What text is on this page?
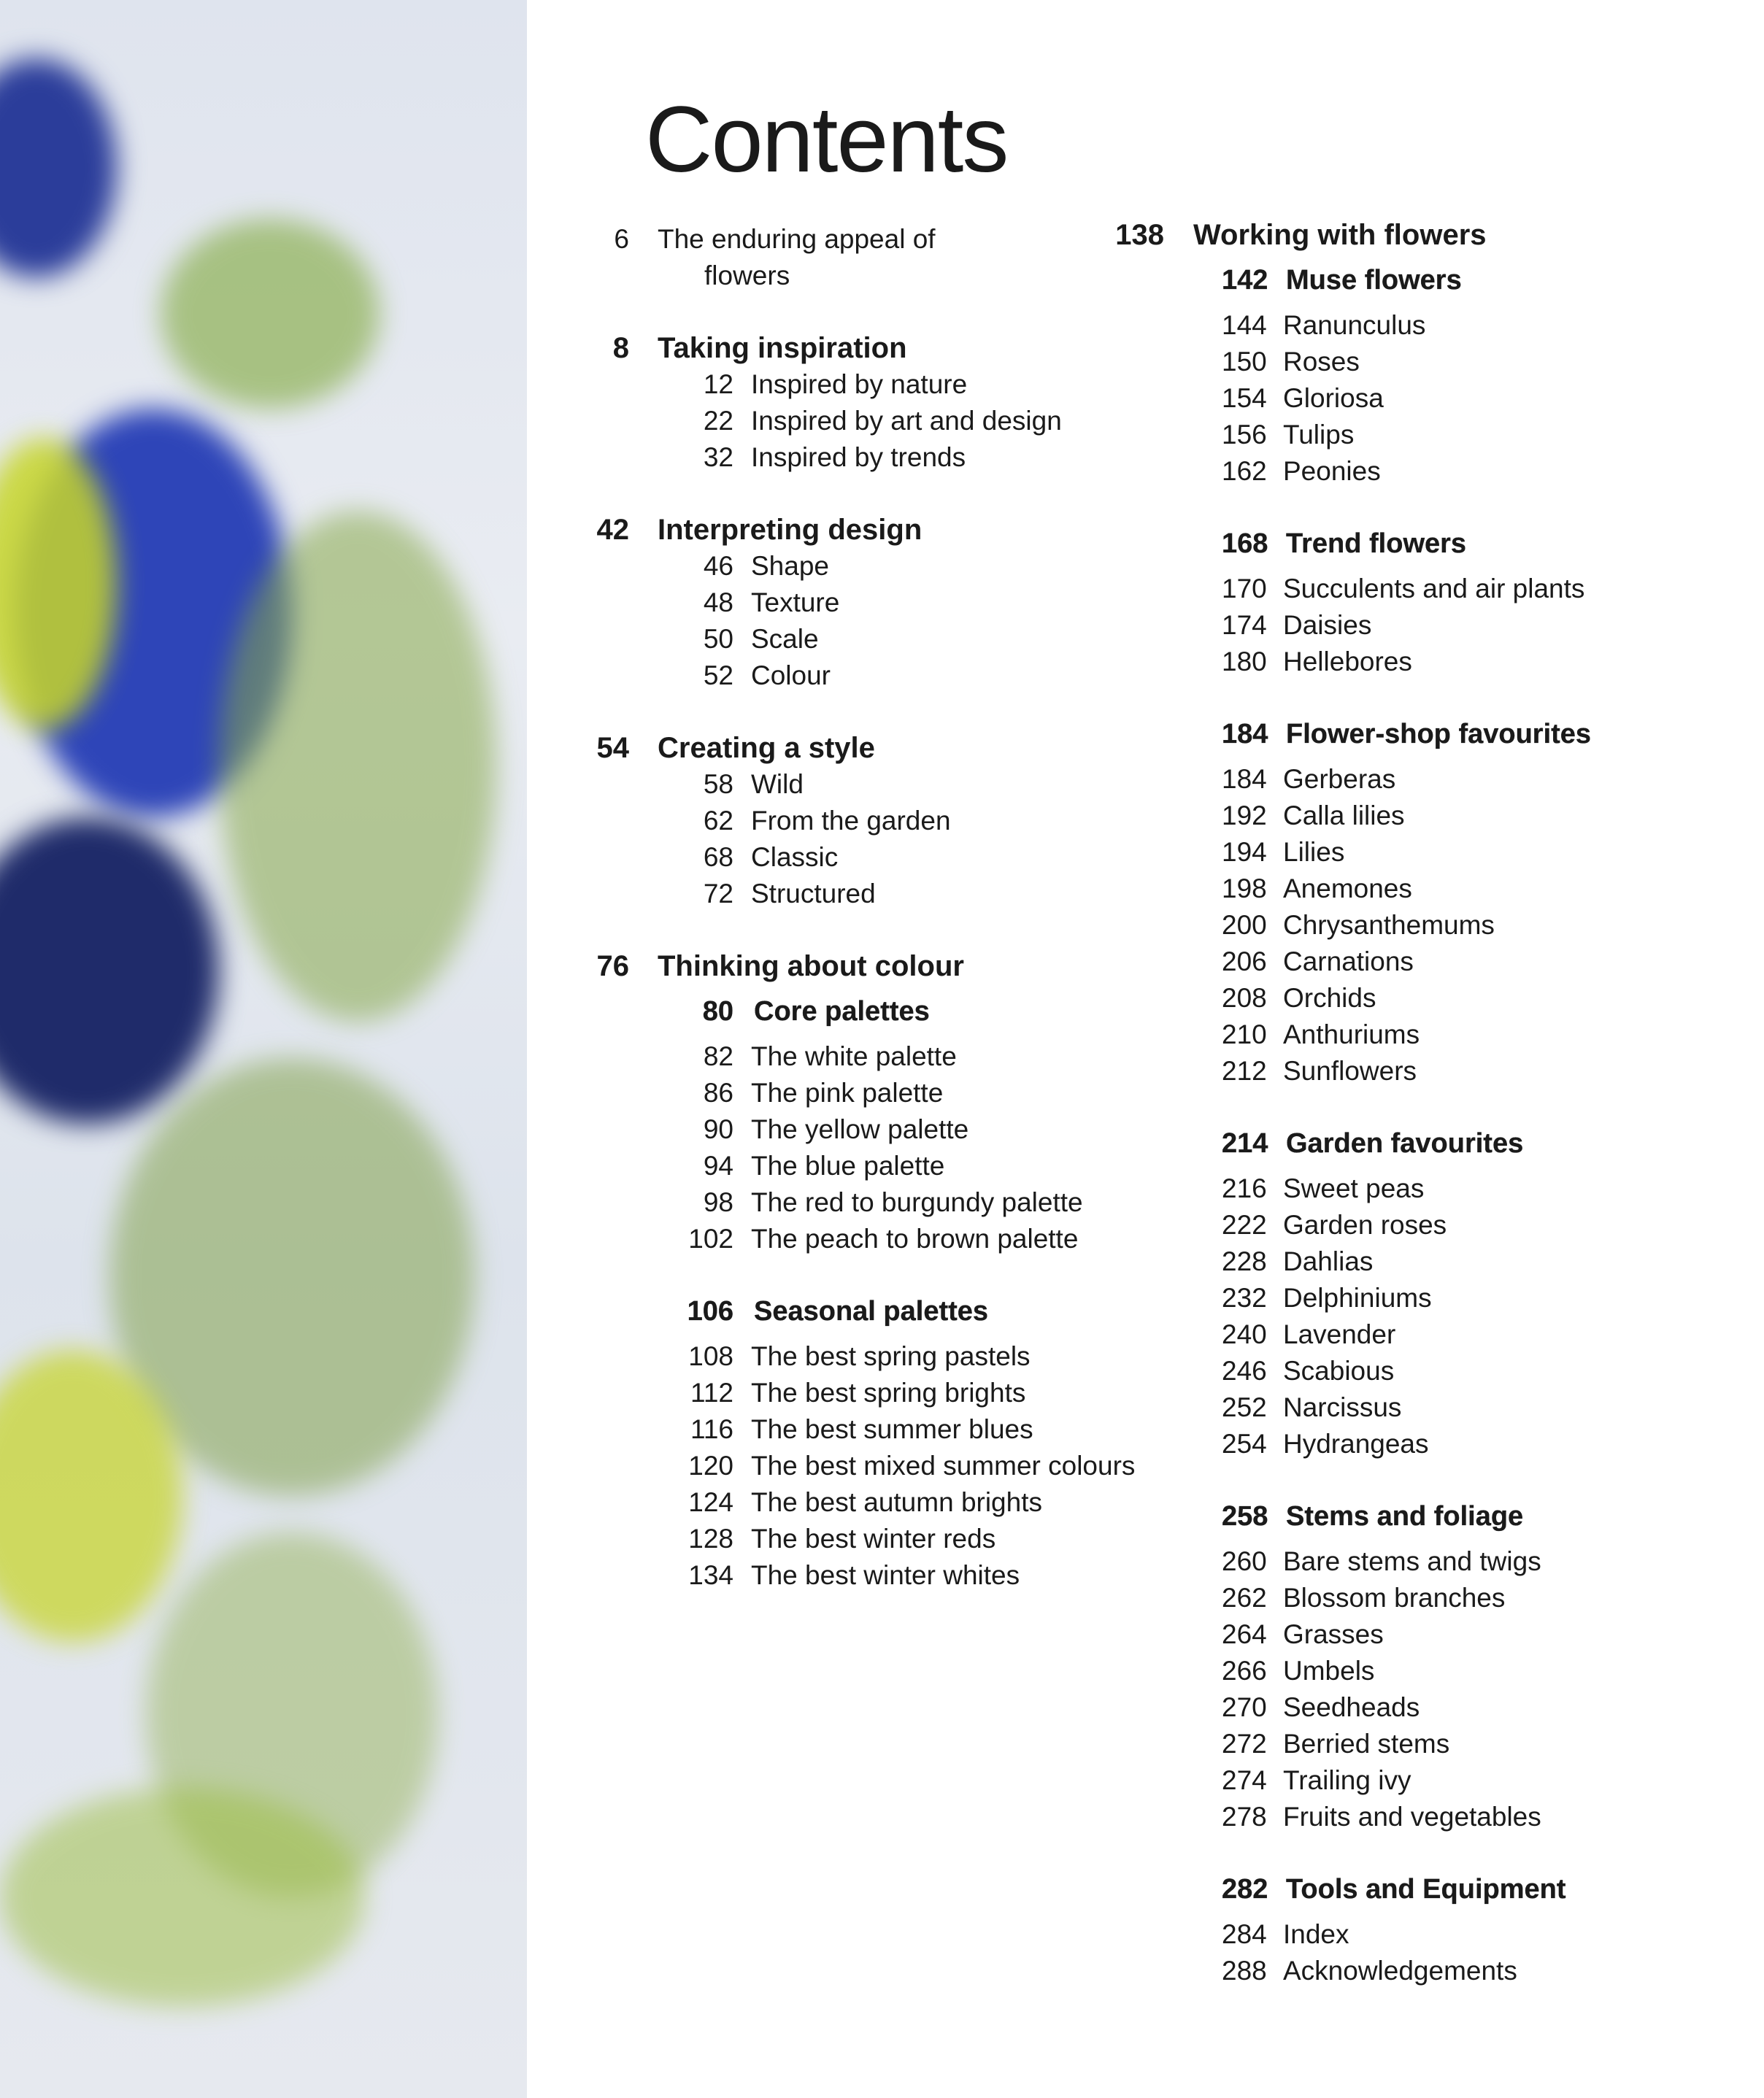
Contents
6 The enduring appeal of flowers
8 Taking inspiration
12 Inspired by nature
22 Inspired by art and design
32 Inspired by trends
42 Interpreting design
46 Shape
48 Texture
50 Scale
52 Colour
54 Creating a style
58 Wild
62 From the garden
68 Classic
72 Structured
76 Thinking about colour
80 Core palettes
82 The white palette
86 The pink palette
90 The yellow palette
94 The blue palette
98 The red to burgundy palette
102 The peach to brown palette
106 Seasonal palettes
108 The best spring pastels
112 The best spring brights
116 The best summer blues
120 The best mixed summer colours
124 The best autumn brights
128 The best winter reds
134 The best winter whites
138 Working with flowers
142 Muse flowers
144 Ranunculus
150 Roses
154 Gloriosa
156 Tulips
162 Peonies
168 Trend flowers
170 Succulents and air plants
174 Daisies
180 Hellebores
184 Flower-shop favourites
184 Gerberas
192 Calla lilies
194 Lilies
198 Anemones
200 Chrysanthemums
206 Carnations
208 Orchids
210 Anthuriums
212 Sunflowers
214 Garden favourites
216 Sweet peas
222 Garden roses
228 Dahlias
232 Delphiniums
240 Lavender
246 Scabious
252 Narcissus
254 Hydrangeas
258 Stems and foliage
260 Bare stems and twigs
262 Blossom branches
264 Grasses
266 Umbels
270 Seedheads
272 Berried stems
274 Trailing ivy
278 Fruits and vegetables
282 Tools and Equipment
284 Index
288 Acknowledgements
